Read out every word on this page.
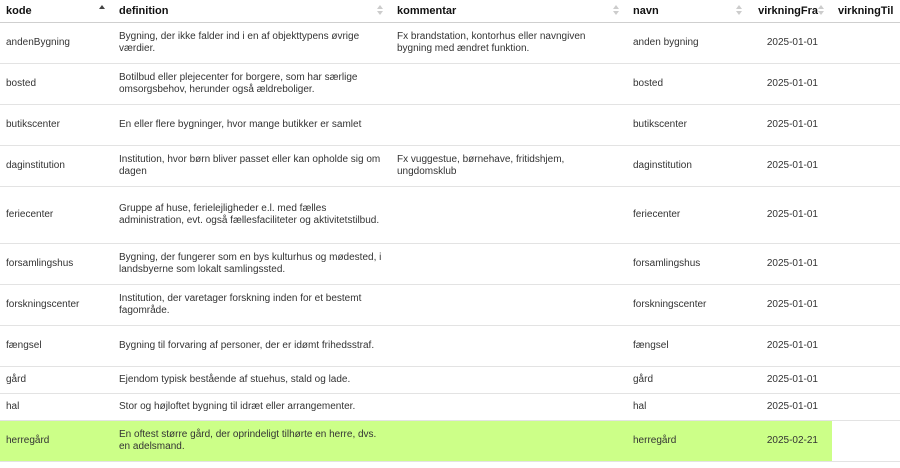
kode	definition	kommentar	navn	virkningFra	virkningTil
andenBygning	Bygning, der ikke falder ind i en af objekttypens øvrige værdier.	Fx brandstation, kontorhus eller navngiven bygning med ændret funktion.	anden bygning	2025-01-01	
bosted	Botilbud eller plejecenter for borgere, som har særlige omsorgsbehov, herunder også ældreboliger.		bosted	2025-01-01	
butikscenter	En eller flere bygninger, hvor mange butikker er samlet		butikscenter	2025-01-01	
daginstitution	Institution, hvor børn bliver passet eller kan opholde sig om dagen	Fx vuggestue, børnehave, fritidshjem, ungdomsklub	daginstitution	2025-01-01	
feriecenter	Gruppe af huse, ferielejligheder e.l. med fælles administration, evt. også fællesfaciliteter og aktivitetstilbud.		feriecenter	2025-01-01	
forsamlingshus	Bygning, der fungerer som en bys kulturhus og mødested, i landsbyerne som lokalt samlingssted.		forsamlingshus	2025-01-01	
forskningscenter	Institution, der varetager forskning inden for et bestemt fagområde.		forskningscenter	2025-01-01	
fængsel	Bygning til forvaring af personer, der er idømt frihedsstraf.		fængsel	2025-01-01	
gård	Ejendom typisk bestående af stuehus, stald og lade.		gård	2025-01-01	
hal	Stor og højloftet bygning til idræt eller arrangementer.		hal	2025-01-01	
herregård	En oftest større gård, der oprindeligt tilhørte en herre, dvs. en adelsmand.		herregård	2025-02-21	
